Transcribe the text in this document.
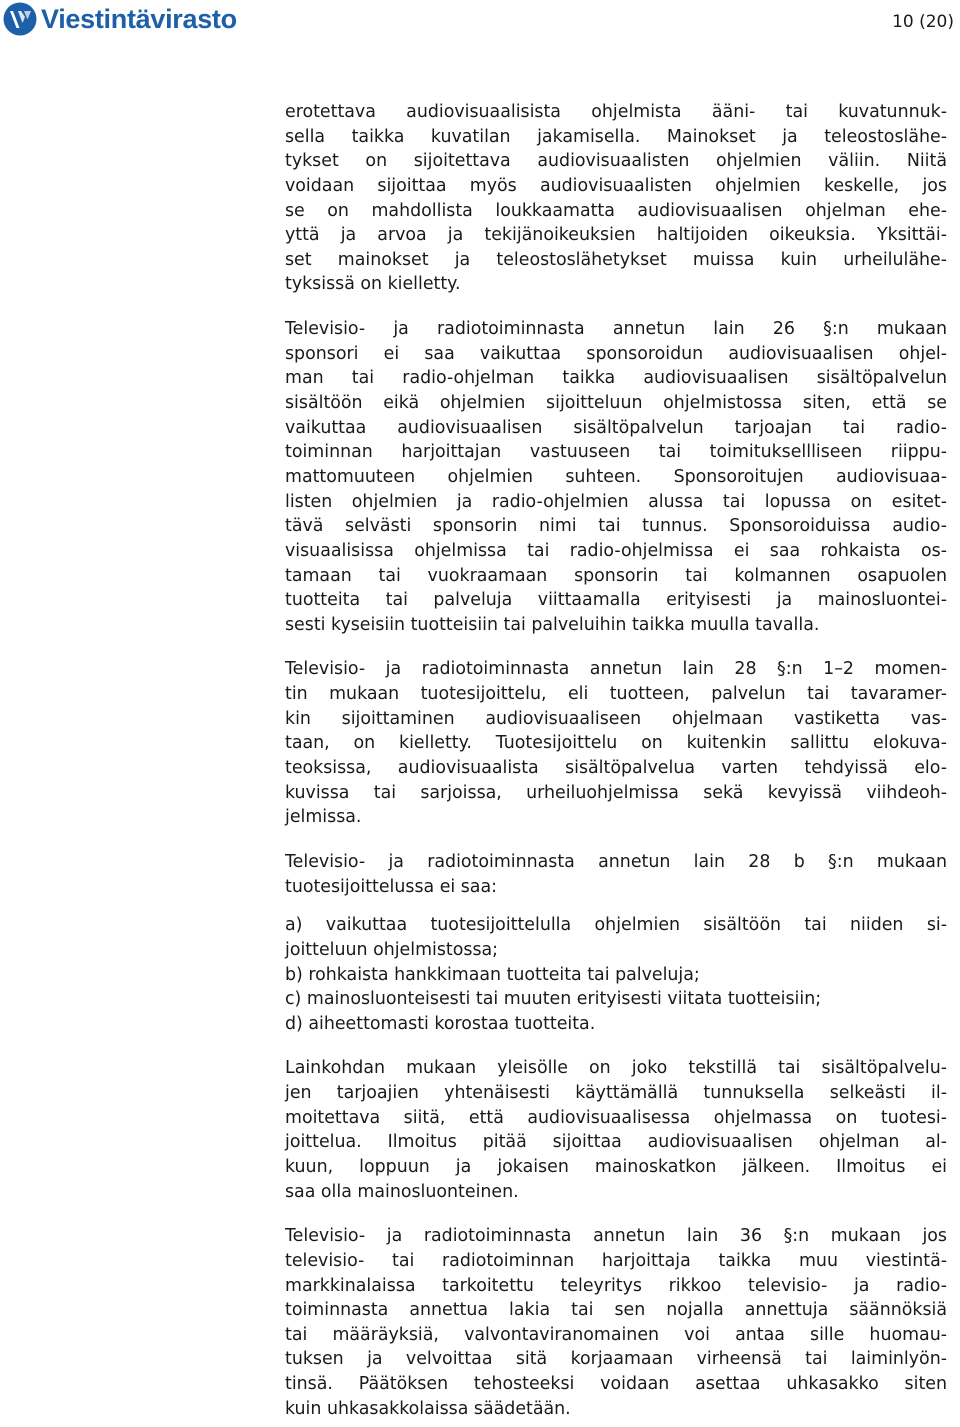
Viestintävirasto	10 (20)
erotettava audiovisuaalisista ohjelmista ääni- tai kuvatunnuk-
sella taikka kuvatilan jakamisella. Mainokset ja teleostoslähe-
tykset on sijoitettava audiovisuaalisten ohjelmien väliin. Niitä
voidaan sijoittaa myös audiovisuaalisten ohjelmien keskelle, jos
se on mahdollista loukkaamatta audiovisuaalisen ohjelman ehe-
yttä ja arvoa ja tekijänoikeuksien haltijoiden oikeuksia. Yksittäi-
set mainokset ja teleostoslähetykset muissa kuin urheilulähe-
tyksissä on kielletty.
Televisio- ja radiotoiminnasta annetun lain 26 §:n mukaan
sponsori ei saa vaikuttaa sponsoroidun audiovisuaalisen ohjel-
man tai radio-ohjelman taikka audiovisuaalisen sisältöpalvelun
sisältöön eikä ohjelmien sijoitteluun ohjelmistossa siten, että se
vaikuttaa audiovisuaalisen sisältöpalvelun tarjoajan tai radio-
toiminnan harjoittajan vastuuseen tai toimituksellliseen riippu-
mattomuuteen ohjelmien suhteen. Sponsoroitujen audiovisuaa-
listen ohjelmien ja radio-ohjelmien alussa tai lopussa on esitet-
tävä selvästi sponsorin nimi tai tunnus. Sponsoroiduissa audio-
visuaalisissa ohjelmissa tai radio-ohjelmissa ei saa rohkaista os-
tamaan tai vuokraamaan sponsorin tai kolmannen osapuolen
tuotteita tai palveluja viittaamalla erityisesti ja mainosluontei-
sesti kyseisiin tuotteisiin tai palveluihin taikka muulla tavalla.
Televisio- ja radiotoiminnasta annetun lain 28 §:n 1–2 momen-
tin mukaan tuotesijoittelu, eli tuotteen, palvelun tai tavaramer-
kin sijoittaminen audiovisuaaliseen ohjelmaan vastiketta vas-
taan, on kielletty. Tuotesijoittelu on kuitenkin sallittu elokuva-
teoksissa, audiovisuaalista sisältöpalvelua varten tehdyissä elo-
kuvissa tai sarjoissa, urheiluohjelmissa sekä kevyissä viihdeoh-
jelmissa.
Televisio- ja radiotoiminnasta annetun lain 28 b §:n mukaan
tuotesijoittelussa ei saa:
a) vaikuttaa tuotesijoittelulla ohjelmien sisältöön tai niiden si-
joitteluun ohjelmistossa;
b) rohkaista hankkimaan tuotteita tai palveluja;
c) mainosluonteisesti tai muuten erityisesti viitata tuotteisiin;
d) aiheettomasti korostaa tuotteita.
Lainkohdan mukaan yleisölle on joko tekstillä tai sisältöpalvelu-
jen tarjoajien yhtenäisesti käyttämällä tunnuksella selkeästi il-
moitettava siitä, että audiovisuaalisessa ohjelmassa on tuotesi-
joittelua. Ilmoitus pitää sijoittaa audiovisuaalisen ohjelman al-
kuun, loppuun ja jokaisen mainoskatkon jälkeen. Ilmoitus ei
saa olla mainosluonteinen.
Televisio- ja radiotoiminnasta annetun lain 36 §:n mukaan jos
televisio- tai radiotoiminnan harjoittaja taikka muu viestintä-
markkinalaissa tarkoitettu teleyritys rikkoo televisio- ja radio-
toiminnasta annettua lakia tai sen nojalla annettuja säännöksiä
tai määräyksiä, valvontaviranomainen voi antaa sille huomau-
tuksen ja velvoittaa sitä korjaamaan virheensä tai laiminlyön-
tinsä. Päätöksen tehosteeksi voidaan asettaa uhkasakko siten
kuin uhkasakkolaissa säädetään.
